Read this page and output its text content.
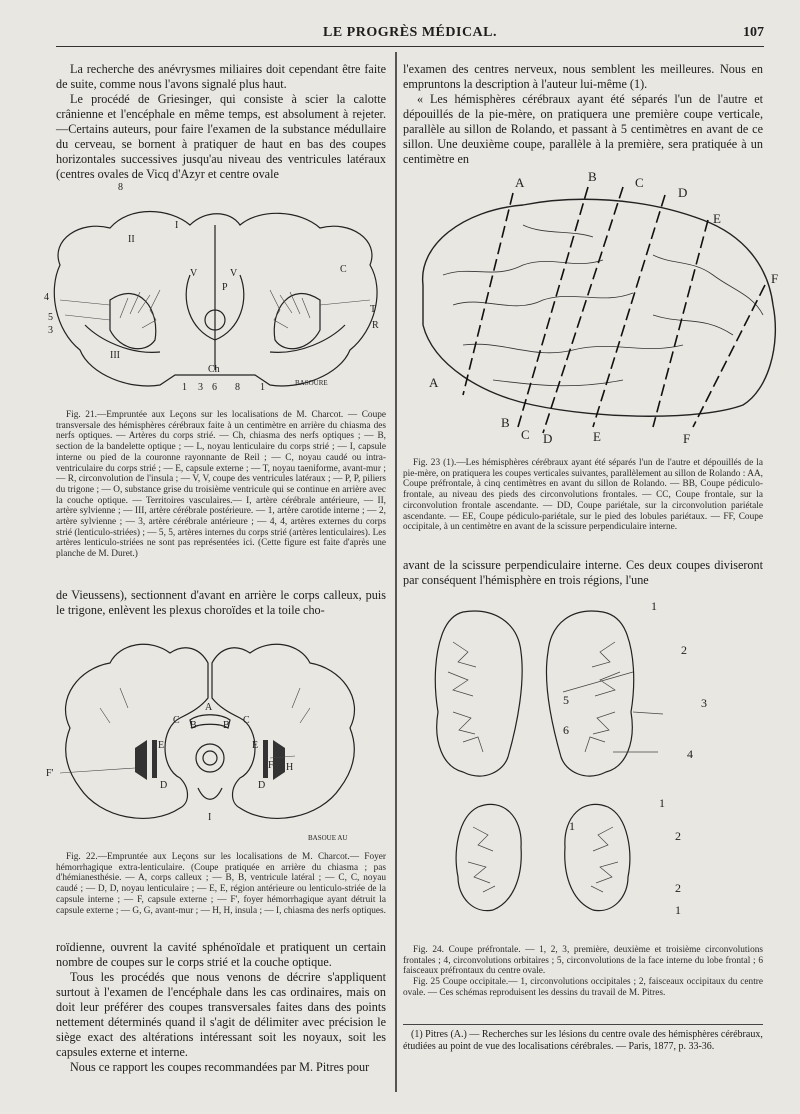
LE PROGRÈS MÉDICAL.	107

La recherche des anévrysmes miliaires doit cependant être faite de suite, comme nous l'avons signalé plus haut.

Le procédé de Griesinger, qui consiste à scier la calotte crânienne et l'encéphale en même temps, est absolument à rejeter.—Certains auteurs, pour faire l'examen de la substance médullaire du cerveau, se bornent à pratiquer de haut en bas des coupes horizontales successives jusqu'au niveau des ventricules latéraux (centres ovales de Vicq d'Azyr et centre ovale

8
I
II
V	V	C
P
4
T
R
5
3
III
Ch
1 3 6 8 1	BASOURE

Fig. 21.—Empruntée aux Leçons sur les localisations de M. Charcot. — Coupe transversale des hémisphères cérébraux faite à un centimètre en arrière du chiasma des nerfs optiques. — Artères du corps strié. — Ch, chiasma des nerfs optiques ; — B, section de la bandelette optique ; — L, noyau lenticulaire du corps strié ; — I, capsule interne ou pied de la couronne rayonnante de Reil ; — C, noyau caudé ou intra-ventriculaire du corps strié ; — E, capsule externe ; — T, noyau taeniforme, avant-mur ; — R, circonvolution de l'insula ; — V, V, coupe des ventricules latéraux ; — P, P, piliers du trigone ; — O, substance grise du troisième ventricule qui se continue en arrière avec la couche optique. — Territoires vasculaires.— I, artère cérébrale antérieure, — II, artère sylvienne ; — III, artère cérébrale postérieure. — 1, artère carotide interne ; — 2, artère sylvienne ; — 3, artère cérébrale antérieure ; — 4, 4, artères externes du corps strié (lenticulo-striées) ; — 5, 5, artères internes du corps strié (artères lenticulaires). Les artères lenticulo-striées ne sont pas représentées ici. (Cette figure est faite d'après une planche de M. Duret.)

de Vieussens), sectionnent d'avant en arrière le corps calleux, puis le trigone, enlèvent les plexus choroïdes et la toile cho-

A
C B	B C
E	E
F'
F H
D	D
I
BASOUE AU

Fig. 22.—Empruntée aux Leçons sur les localisations de M. Charcot.— Foyer hémorrhagique extra-lenticulaire. (Coupe pratiquée en arrière du chiasma ; pas d'hémianesthésie. — A, corps calleux ; — B, B, ventricule latéral ; — C, C, noyau caudé ; — D, D, noyau lenticulaire ; — E, E, région antérieure ou lenticulo-striée de la capsule interne ; — F, capsule externe ; — F', foyer hémorrhagique ayant détruit la capsule externe ; — G, G, avant-mur ; — H, H, insula ; — I, chiasma des nerfs optiques.

roïdienne, ouvrent la cavité sphénoïdale et pratiquent un certain nombre de coupes sur le corps strié et la couche optique.

Tous les procédés que nous venons de décrire s'appliquent surtout à l'examen de l'encéphale dans les cas ordinaires, mais on doit leur préférer des coupes transversales faites dans des points nettement déterminés quand il s'agit de délimiter avec précision le siège exact des altérations intéressant soit les noyaux, soit les capsules externe et interne.

Nous ce rapport les coupes recommandées par M. Pitres pour

l'examen des centres nerveux, nous semblent les meilleures. Nous en empruntons la description à l'auteur lui-même (1).

« Les hémisphères cérébraux ayant été séparés l'un de l'autre et dépouillés de la pie-mère, on pratiquera une première coupe verticale, parallèle au sillon de Rolando, et passant à 5 centimètres en avant de ce sillon. Une deuxième coupe, parallèle à la première, sera pratiquée à un centimètre en

A	B	C
D
E
F
A
B
C D	E	F

Fig. 23 (1).—Les hémisphères cérébraux ayant été séparés l'un de l'autre et dépouillés de la pie-mère, on pratiquera les coupes verticales suivantes, parallèlement au sillon de Rolando : AA, Coupe préfrontale, à cinq centimètres en avant du sillon de Rolando. — BB, Coupe pédiculo-frontale, au niveau des pieds des circonvolutions frontales. — CC, Coupe frontale, sur la circonvolution frontale ascendante. — DD, Coupe pariétale, sur la circonvolution pariétale ascendante. — EE, Coupe pédiculo-pariétale, sur le pied des lobules pariétaux. — FF, Coupe occipitale, à un centimètre en avant de la scissure perpendiculaire interne.

avant de la scissure perpendiculaire interne. Ces deux coupes diviseront par conséquent l'hémisphère en trois régions, l'une

1
2
5
6
3
4
1
1
2
2
1

Fig. 24. Coupe préfrontale. — 1, 2, 3, première, deuxième et troisième circonvolutions frontales ; 4, circonvolutions orbitaires ; 5, circonvolutions de la face interne du lobe frontal ; 6 faisceaux préfrontaux du centre ovale.

Fig. 25 Coupe occipitale.— 1, circonvolutions occipitales ; 2, faisceaux occipitaux du centre ovale. — Ces schémas reproduisent les dessins du travail de M. Pitres.

(1) Pitres (A.) — Recherches sur les lésions du centre ovale des hémisphères cérébraux, étudiées au point de vue des localisations cérébrales. — Paris, 1877, p. 33-36.
